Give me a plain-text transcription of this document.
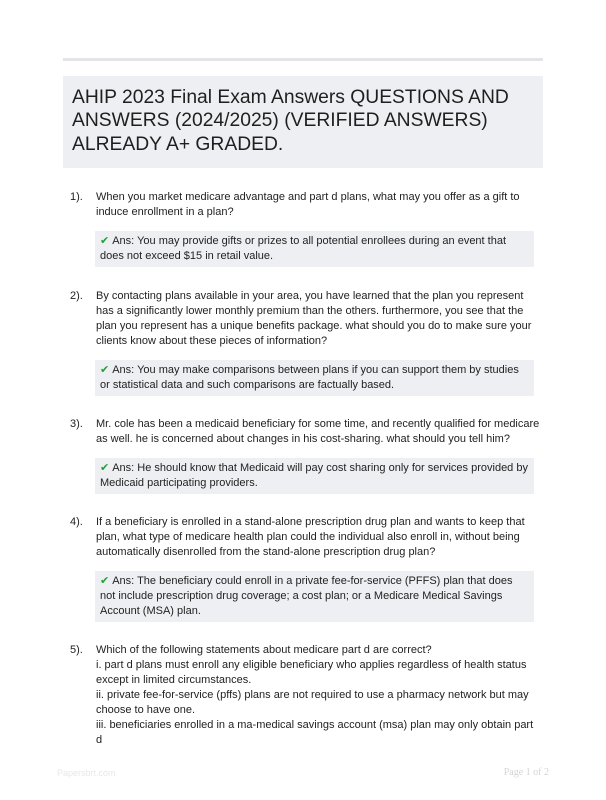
AHIP 2023 Final Exam Answers QUESTIONS AND ANSWERS (2024/2025) (VERIFIED ANSWERS) ALREADY A+ GRADED.
1). When you market medicare advantage and part d plans, what may you offer as a gift to induce enrollment in a plan?
✔ Ans: You may provide gifts or prizes to all potential enrollees during an event that does not exceed $15 in retail value.
2). By contacting plans available in your area, you have learned that the plan you represent has a significantly lower monthly premium than the others. furthermore, you see that the plan you represent has a unique benefits package. what should you do to make sure your clients know about these pieces of information?
✔ Ans: You may make comparisons between plans if you can support them by studies or statistical data and such comparisons are factually based.
3). Mr. cole has been a medicaid beneficiary for some time, and recently qualified for medicare as well. he is concerned about changes in his cost-sharing. what should you tell him?
✔ Ans: He should know that Medicaid will pay cost sharing only for services provided by Medicaid participating providers.
4). If a beneficiary is enrolled in a stand-alone prescription drug plan and wants to keep that plan, what type of medicare health plan could the individual also enroll in, without being automatically disenrolled from the stand-alone prescription drug plan?
✔ Ans: The beneficiary could enroll in a private fee-for-service (PFFS) plan that does not include prescription drug coverage; a cost plan; or a Medicare Medical Savings Account (MSA) plan.
5). Which of the following statements about medicare part d are correct?
i. part d plans must enroll any eligible beneficiary who applies regardless of health status except in limited circumstances.
ii. private fee-for-service (pffs) plans are not required to use a pharmacy network but may choose to have one.
iii. beneficiaries enrolled in a ma-medical savings account (msa) plan may only obtain part d
Papersbrt.com	Page 1 of 2
